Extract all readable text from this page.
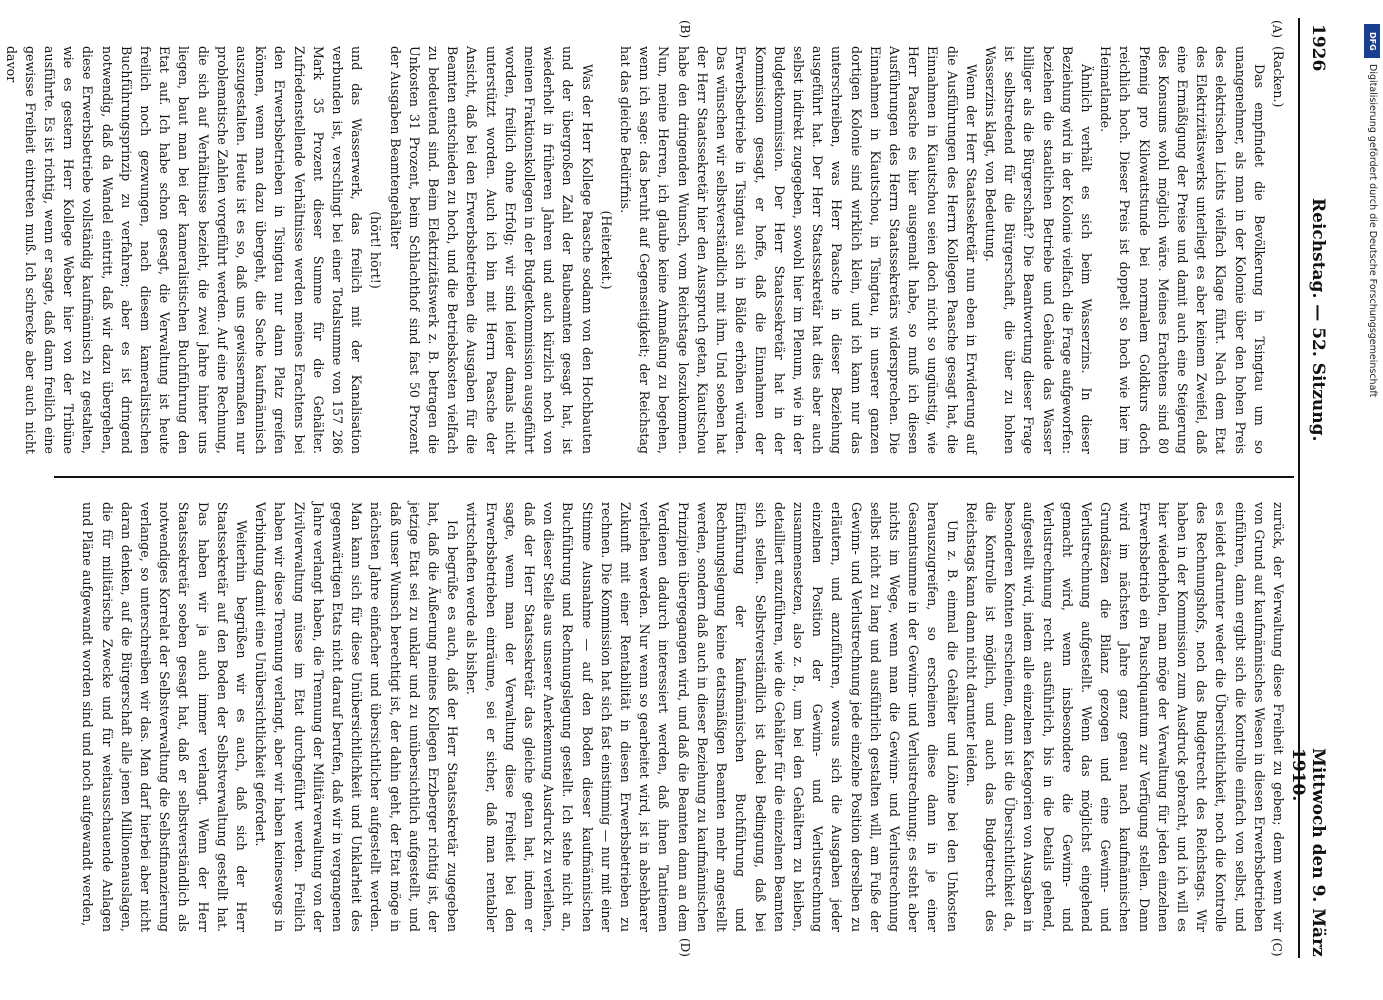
1926
Reichstag. — 52. Sitzung.
Mittwoch den 9. März 1910.
(A)
(B)
(C)
(D)

(Racken.)

Das empfindet die Bevölkerung in Tsingtau um so unangenehmer, als man in der Kolonie über den hohen Preis des elektrischen Lichts vielfach Klage führt. Nach dem Etat des Elektrizitätswerks unterliegt es aber keinem Zweifel, daß eine Ermäßigung der Preise und damit auch eine Steigerung des Konsums wohl möglich wäre. Meines Erachtens sind 80 Pfennig pro Kilowattstunde bei normalem Goldkurs doch reichlich hoch. Dieser Preis ist doppelt so hoch wie hier im Heimatlande.

Ähnlich verhält es sich beim Wasserzins. In dieser Beziehung wird in der Kolonie vielfach die Frage aufgeworfen: beziehen die staatlichen Betriebe und Gebäude das Wasser billiger als die Bürgerschaft? Die Beantwortung dieser Frage ist selbstredend für die Bürgerschaft, die über zu hohen Wasserzins klagt, von Bedeutung.

Wenn der Herr Staatssekretär nun eben in Erwiderung auf die Ausführungen des Herrn Kollegen Paasche gesagt hat, die Einnahmen in Kiautschou seien doch nicht so ungünstig, wie Herr Paasche es hier ausgemalt habe, so muß ich diesen Ausführungen des Herrn Staatssekretärs widersprechen. Die Einnahmen in Kiautschou, in Tsingtau, in unserer ganzen dortigen Kolonie sind wirklich klein, und ich kann nur das unterschreiben, was Herr Paasche in dieser Beziehung ausgeführt hat. Der Herr Staatssekretär hat dies aber auch selbst indirekt zugegeben, sowohl hier im Plenum, wie in der Budgetkommission. Der Herr Staatssekretär hat in der Kommission gesagt, er hoffe, daß die Einnahmen der Erwerbsbetriebe in Tsingtau sich in Bälde erhöhen würden. Das wünschen wir selbstverständlich mit ihm. Und soeben hat der Herr Staatssekretär hier den Ausspruch getan, Kiautschou habe den dringenden Wunsch, vom Reichstage loszukommen. Nun, meine Herren, ich glaube keine Anmaßung zu begehen, wenn ich sage: das beruht auf Gegenseitigkeit; der Reichstag hat das gleiche Bedürfnis.

(Heiterkeit.)

Was der Herr Kollege Paasche sodann von den Hochbauten und der übergroßen Zahl der Baubeamten gesagt hat, ist wiederholt in früheren Jahren und auch kürzlich noch von meinen Fraktionskollegen in der Budgetkommission ausgeführt worden, freilich ohne Erfolg; wir sind leider damals nicht unterstützt worden. Auch ich bin mit Herrn Paasche der Ansicht, daß bei den Erwerbsbetrieben die Ausgaben für die Beamten entschieden zu hoch, und die Betriebskosten vielfach zu bedeutend sind. Beim Elektrizitätswerk z. B. betragen die Unkosten 31 Prozent, beim Schlachthof sind fast 50 Prozent der Ausgaben Beamtengehälter

(hört! hört!)

und das Wasserwerk, das freilich mit der Kanalisation verbunden ist, verschlingt bei einer Totalsumme von 157 286 Mark 35 Prozent dieser Summe für die Gehälter. Zufriedenstellende Verhältnisse werden meines Erachtens bei den Erwerbsbetrieben in Tsingtau nur dann Platz greifen können, wenn man dazu übergeht, die Sache kaufmännisch auszugestalten. Heute ist es so, daß uns gewissermaßen nur problematische Zahlen vorgeführt werden. Auf eine Rechnung, die sich auf Verhältnisse bezieht, die zwei Jahre hinter uns liegen, baut man bei der kameralistischen Buchführung den Etat auf. Ich habe schon gesagt, die Verwaltung ist heute freilich noch gezwungen, nach diesem kameralistischen Buchführungsprinzip zu verfahren; aber es ist dringend notwendig, daß da Wandel eintritt, daß wir dazu übergehen, diese Erwerbsbetriebe vollständig kaufmännisch zu gestalten, wie es gestern Herr Kollege Weber hier von der Tribüne ausführte. Es ist richtig, wenn er sagte, daß dann freilich eine gewisse Freiheit eintreten muß. Ich schrecke aber auch nicht davor

zurück, der Verwaltung diese Freiheit zu geben; denn wenn wir von Grund auf kaufmännisches Wesen in diesen Erwerbsbetrieben einführen, dann ergibt sich die Kontrolle einfach von selbst, und es leidet darunter weder die Übersichtlichkeit, noch die Kontrolle des Rechnungshofs, noch das Budgetrecht des Reichstags. Wir haben in der Kommission zum Ausdruck gebracht, und ich will es hier wiederholen, man möge der Verwaltung für jeden einzelnen Erwerbsbetrieb ein Pauschquantum zur Verfügung stellen. Dann wird im nächsten Jahre ganz genau nach kaufmännischen Grundsätzen die Bilanz gezogen und eine Gewinn- und Verlustrechnung aufgestellt. Wenn das möglichst eingehend gemacht wird, wenn insbesondere die Gewinn- und Verlustrechnung recht ausführlich, bis in die Details gehend, aufgestellt wird, indem alle einzelnen Kategorien von Ausgaben in besonderen Konten erscheinen, dann ist die Übersichtlichkeit da, die Kontrolle ist möglich, und auch das Budgetrecht des Reichstags kann dann nicht darunter leiden.

Um z. B. einmal die Gehälter und Löhne bei den Unkosten herauszugreifen, so erscheinen diese dann in je einer Gesamtsumme in der Gewinn- und Verlustrechnung; es steht aber nichts im Wege, wenn man die Gewinn- und Verlustrechnung selbst nicht zu lang und ausführlich gestalten will, am Fuße der Gewinn- und Verlustrechnung jede einzelne Position derselben zu erläutern, und anzuführen, woraus sich die Ausgaben jeder einzelnen Position der Gewinn- und Verlustrechnung zusammensetzen, also z. B., um bei den Gehältern zu bleiben, detailliert anzuführen, wie die Gehälter für die einzelnen Beamten sich stellen. Selbstverständlich ist dabei Bedingung, daß bei Einführung der kaufmännischen Buchführung und Rechnungslegung keine etatsmäßigen Beamten mehr angestellt werden, sondern daß auch in dieser Beziehung zu kaufmännischen Prinzipien übergegangen wird, und daß die Beamten dann an dem Verdienen dadurch interessiert werden, daß ihnen Tantiemen verliehen werden. Nur wenn so gearbeitet wird, ist in absehbarer Zukunft mit einer Rentabilität in diesen Erwerbsbetrieben zu rechnen. Die Kommission hat sich fast einstimmig — nur mit einer Stimme Ausnahme — auf den Boden dieser kaufmännischen Buchführung und Rechnungslegung gestellt. Ich stehe nicht an, von dieser Stelle aus unserer Anerkennung Ausdruck zu verleihen, daß der Herr Staatssekretär das gleiche getan hat, indem er sagte, wenn man der Verwaltung diese Freiheit bei den Erwerbsbetrieben einräume, sei er sicher, daß man rentabler wirtschaften werde als bisher.

Ich begrüße es auch, daß der Herr Staatssekretär zugegeben hat, daß die Äußerung meines Kollegen Erzberger richtig ist, der jetzige Etat sei zu unklar und zu unübersichtlich aufgestellt, und daß unser Wunsch berechtigt ist, der dahin geht, der Etat möge in nächsten Jahre einfacher und übersichtlicher aufgestellt werden. Man kann sich für diese Unübersichtlichkeit und Unklarheit des gegenwärtigen Etats nicht darauf berufen, daß wir in vergangenen Jahre verlangt haben, die Trennung der Militärverwaltung von der Zivilverwaltung müsse im Etat durchgeführt werden. Freilich haben wir diese Trennung verlangt, aber wir haben keineswegs in Verbindung damit eine Unübersichtlichkeit gefordert.

Weiterhin begrüßen wir es auch, daß sich der Herr Staatssekretär auf den Boden der Selbstverwaltung gestellt hat. Das haben wir ja auch immer verlangt. Wenn der Herr Staatssekretär soeben gesagt hat, daß er selbstverständlich als notwendiges Korrelat der Selbstverwaltung die Selbstfinanzierung verlange, so unterschreiben wir das. Man darf hierbei aber nicht daran denken, auf die Bürgerschaft alle jenen Millionenauslagen, die für militärische Zwecke und für weitausschauende Anlagen und Pläne aufgewandt worden sind und noch aufgewandt werden,

DFG
Digitalisierung gefördert durch die Deutsche Forschungsgemeinschaft
